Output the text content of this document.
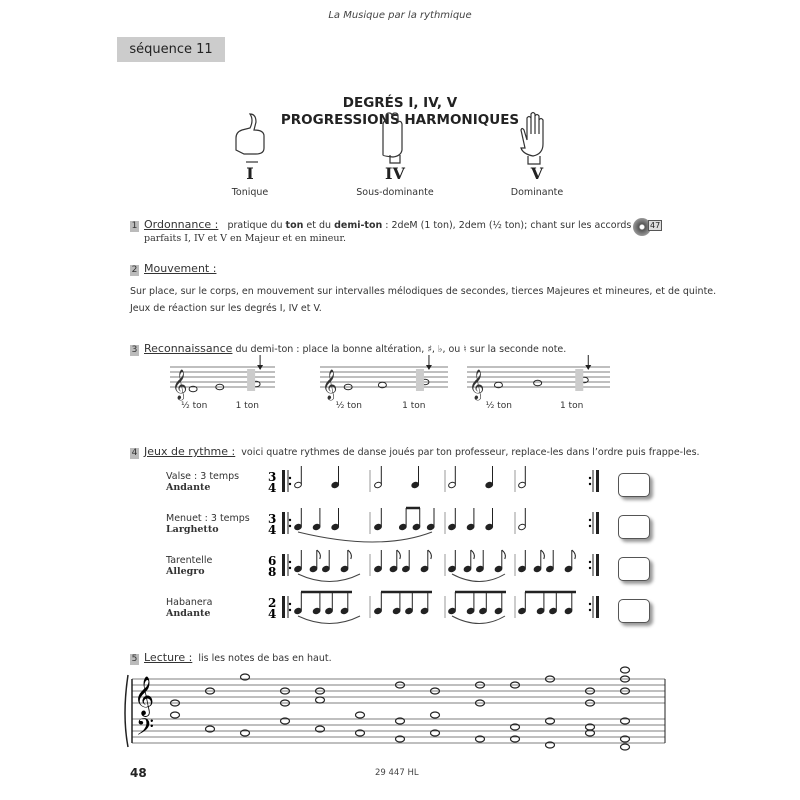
La Musique par la rythmique
séquence 11
DEGRÉS I, IV, V
PROGRESSIONS HARMONIQUES
I	IV	V
Tonique	Sous-dominante	Dominante
1 Ordonnance : pratique du ton et du demi-ton : 2deM (1 ton), 2dem (½ ton); chant sur les accords
parfaits I, IV et V en Majeur et en mineur.
47
2 Mouvement :
Sur place, sur le corps, en mouvement sur intervalles mélodiques de secondes, tierces Majeures et mineures, et de quinte.
Jeux de réaction sur les degrés I, IV et V.
3 Reconnaissance du demi-ton : place la bonne altération, ♯, ♭, ou ♮ sur la seconde note.
𝄞	𝄞	𝄞
½ ton	1 ton	½ ton	1 ton	½ ton	1 ton
4 Jeux de rythme : voici quatre rythmes de danse joués par ton professeur, replace-les dans l’ordre puis frappe-les.
Valse : 3 temps
Andante
Menuet : 3 temps
Larghetto
Tarentelle
Allegro
Habanera
Andante
3
4
3
4
6
8
2
4
5 Lecture : lis les notes de bas en haut.
𝄞
𝄢
48	29 447 HL
